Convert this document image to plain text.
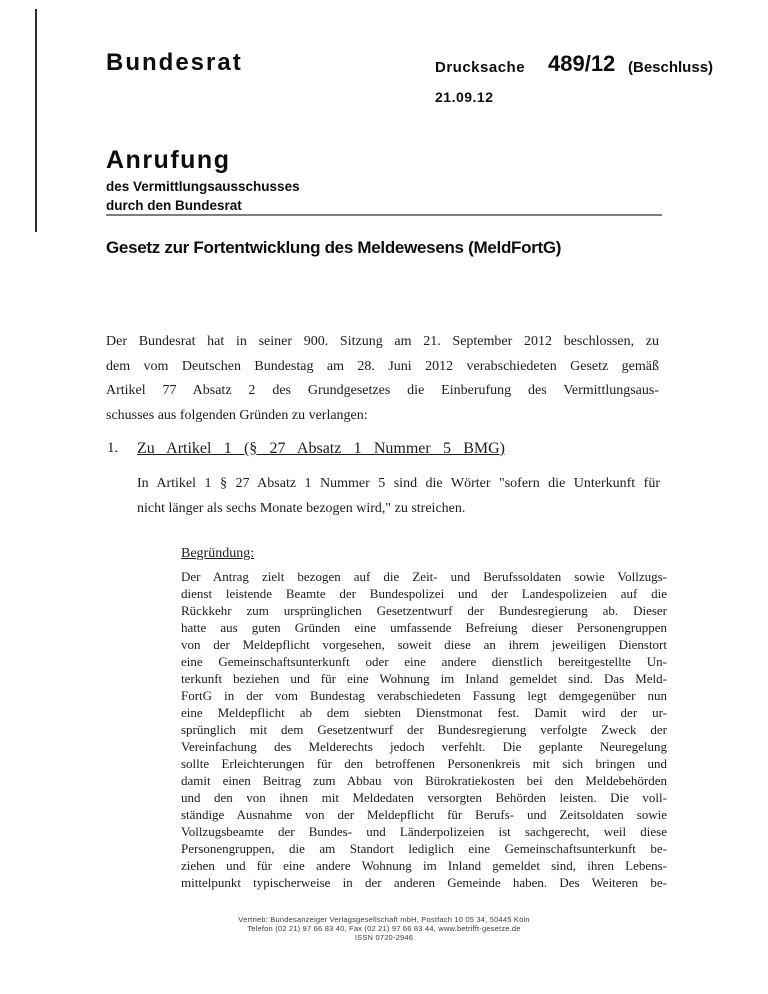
Bundesrat	Drucksache 489/12 (Beschluss)
21.09.12
Anrufung
des Vermittlungsausschusses
durch den Bundesrat
Gesetz zur Fortentwicklung des Meldewesens (MeldFortG)
Der Bundesrat hat in seiner 900. Sitzung am 21. September 2012 beschlossen, zu
dem vom Deutschen Bundestag am 28. Juni 2012 verabschiedeten Gesetz gemäß
Artikel 77 Absatz 2 des Grundgesetzes die Einberufung des Vermittlungsaus-
schusses aus folgenden Gründen zu verlangen:
1. Zu Artikel 1 (§ 27 Absatz 1 Nummer 5 BMG)
In Artikel 1 § 27 Absatz 1 Nummer 5 sind die Wörter "sofern die Unterkunft für
nicht länger als sechs Monate bezogen wird," zu streichen.
Begründung:
Der Antrag zielt bezogen auf die Zeit- und Berufssoldaten sowie Vollzugs-
dienst leistende Beamte der Bundespolizei und der Landespolizeien auf die
Rückkehr zum ursprünglichen Gesetzentwurf der Bundesregierung ab. Dieser
hatte aus guten Gründen eine umfassende Befreiung dieser Personengruppen
von der Meldepflicht vorgesehen, soweit diese an ihrem jeweiligen Dienstort
eine Gemeinschaftsunterkunft oder eine andere dienstlich bereitgestellte Un-
terkunft beziehen und für eine Wohnung im Inland gemeldet sind. Das Meld-
FortG in der vom Bundestag verabschiedeten Fassung legt demgegenüber nun
eine Meldepflicht ab dem siebten Dienstmonat fest. Damit wird der ur-
sprünglich mit dem Gesetzentwurf der Bundesregierung verfolgte Zweck der
Vereinfachung des Melderechts jedoch verfehlt. Die geplante Neuregelung
sollte Erleichterungen für den betroffenen Personenkreis mit sich bringen und
damit einen Beitrag zum Abbau von Bürokratiekosten bei den Meldebehörden
und den von ihnen mit Meldedaten versorgten Behörden leisten. Die voll-
ständige Ausnahme von der Meldepflicht für Berufs- und Zeitsoldaten sowie
Vollzugsbeamte der Bundes- und Länderpolizeien ist sachgerecht, weil diese
Personengruppen, die am Standort lediglich eine Gemeinschaftsunterkunft be-
ziehen und für eine andere Wohnung im Inland gemeldet sind, ihren Lebens-
mittelpunkt typischerweise in der anderen Gemeinde haben. Des Weiteren be-
Vertrieb: Bundesanzeiger Verlagsgesellschaft mbH, Postfach 10 05 34, 50445 Köln
Telefon (02 21) 97 66 83 40, Fax (02 21) 97 66 83 44, www.betrifft-gesetze.de
ISSN 0720-2946
